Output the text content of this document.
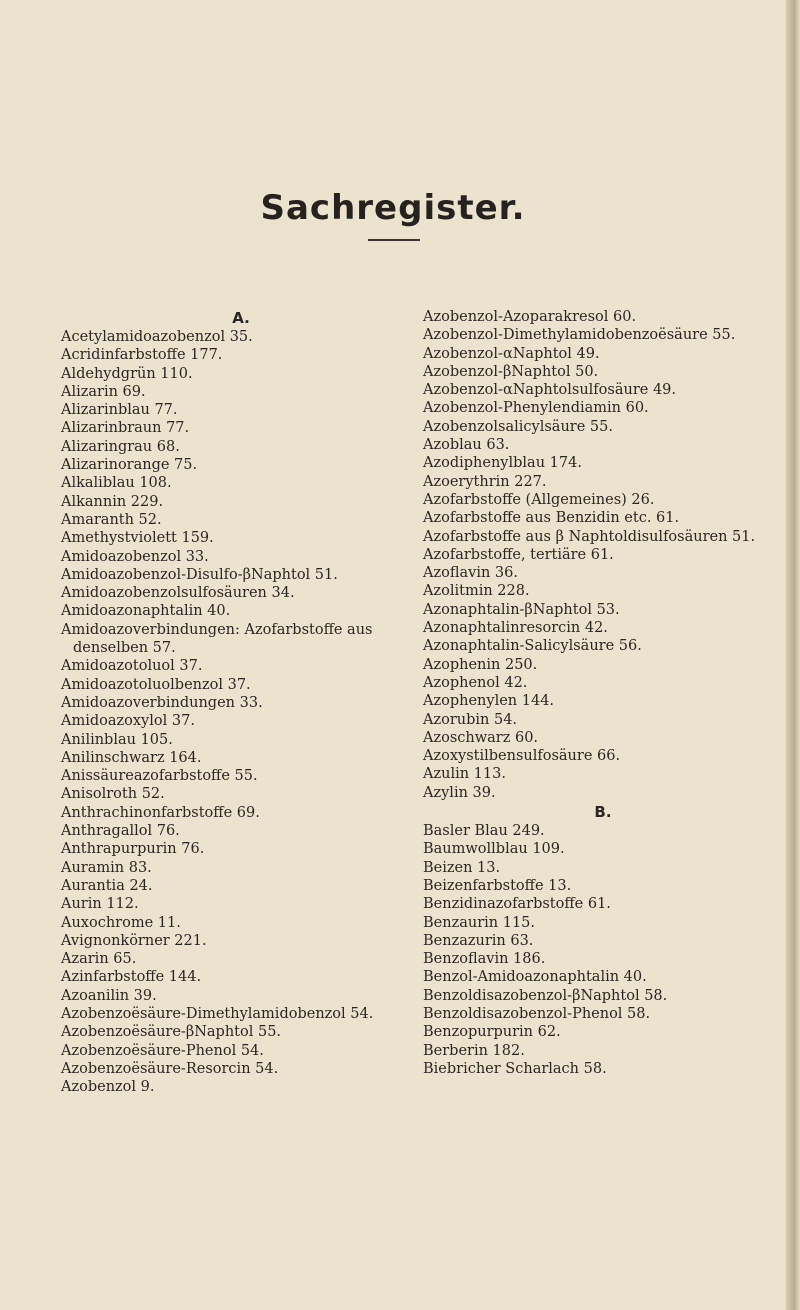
Sachregister.
A.
Acetylamidoazobenzol 35.
Acridinfarbstoffe 177.
Aldehydgrün 110.
Alizarin 69.
Alizarinblau 77.
Alizarinbraun 77.
Alizaringrau 68.
Alizarinorange 75.
Alkaliblau 108.
Alkannin 229.
Amaranth 52.
Amethystviolett 159.
Amidoazobenzol 33.
Amidoazobenzol-Disulfo-βNaphtol 51.
Amidoazobenzolsulfosäuren 34.
Amidoazonaphtalin 40.
Amidoazoverbindungen: Azofarbstoffe aus denselben 57.
Amidoazotoluol 37.
Amidoazotoluolbenzol 37.
Amidoazoverbindungen 33.
Amidoazoxylol 37.
Anilinblau 105.
Anilinschwarz 164.
Anissäureazofarbstoffe 55.
Anisolroth 52.
Anthrachinonfarbstoffe 69.
Anthragallol 76.
Anthrapurpurin 76.
Auramin 83.
Aurantia 24.
Aurin 112.
Auxochrome 11.
Avignonkörner 221.
Azarin 65.
Azinfarbstoffe 144.
Azoanilin 39.
Azobenzoësäure-Dimethylamidobenzol 54.
Azobenzoësäure-βNaphtol 55.
Azobenzoësäure-Phenol 54.
Azobenzoësäure-Resorcin 54.
Azobenzol 9.
Azobenzol-Azoparakresol 60.
Azobenzol-Dimethylamidobenzoësäure 55.
Azobenzol-αNaphtol 49.
Azobenzol-βNaphtol 50.
Azobenzol-αNaphtolsulfosäure 49.
Azobenzol-Phenylendiamin 60.
Azobenzolsalicylsäure 55.
Azoblau 63.
Azodiphenylblau 174.
Azoerythrin 227.
Azofarbstoffe (Allgemeines) 26.
Azofarbstoffe aus Benzidin etc. 61.
Azofarbstoffe aus β Naphtoldisulfosäuren 51.
Azofarbstoffe, tertiäre 61.
Azoflavin 36.
Azolitmin 228.
Azonaphtalin-βNaphtol 53.
Azonaphtalinresorcin 42.
Azonaphtalin-Salicylsäure 56.
Azophenin 250.
Azophenol 42.
Azophenylen 144.
Azorubin 54.
Azoschwarz 60.
Azoxystilbensulfosäure 66.
Azulin 113.
Azylin 39.
B.
Basler Blau 249.
Baumwollblau 109.
Beizen 13.
Beizenfarbstoffe 13.
Benzidinazofarbstoffe 61.
Benzaurin 115.
Benzazurin 63.
Benzoflavin 186.
Benzol-Amidoazonaphtalin 40.
Benzoldisazobenzol-βNaphtol 58.
Benzoldisazobenzol-Phenol 58.
Benzopurpurin 62.
Berberin 182.
Biebricher Scharlach 58.
